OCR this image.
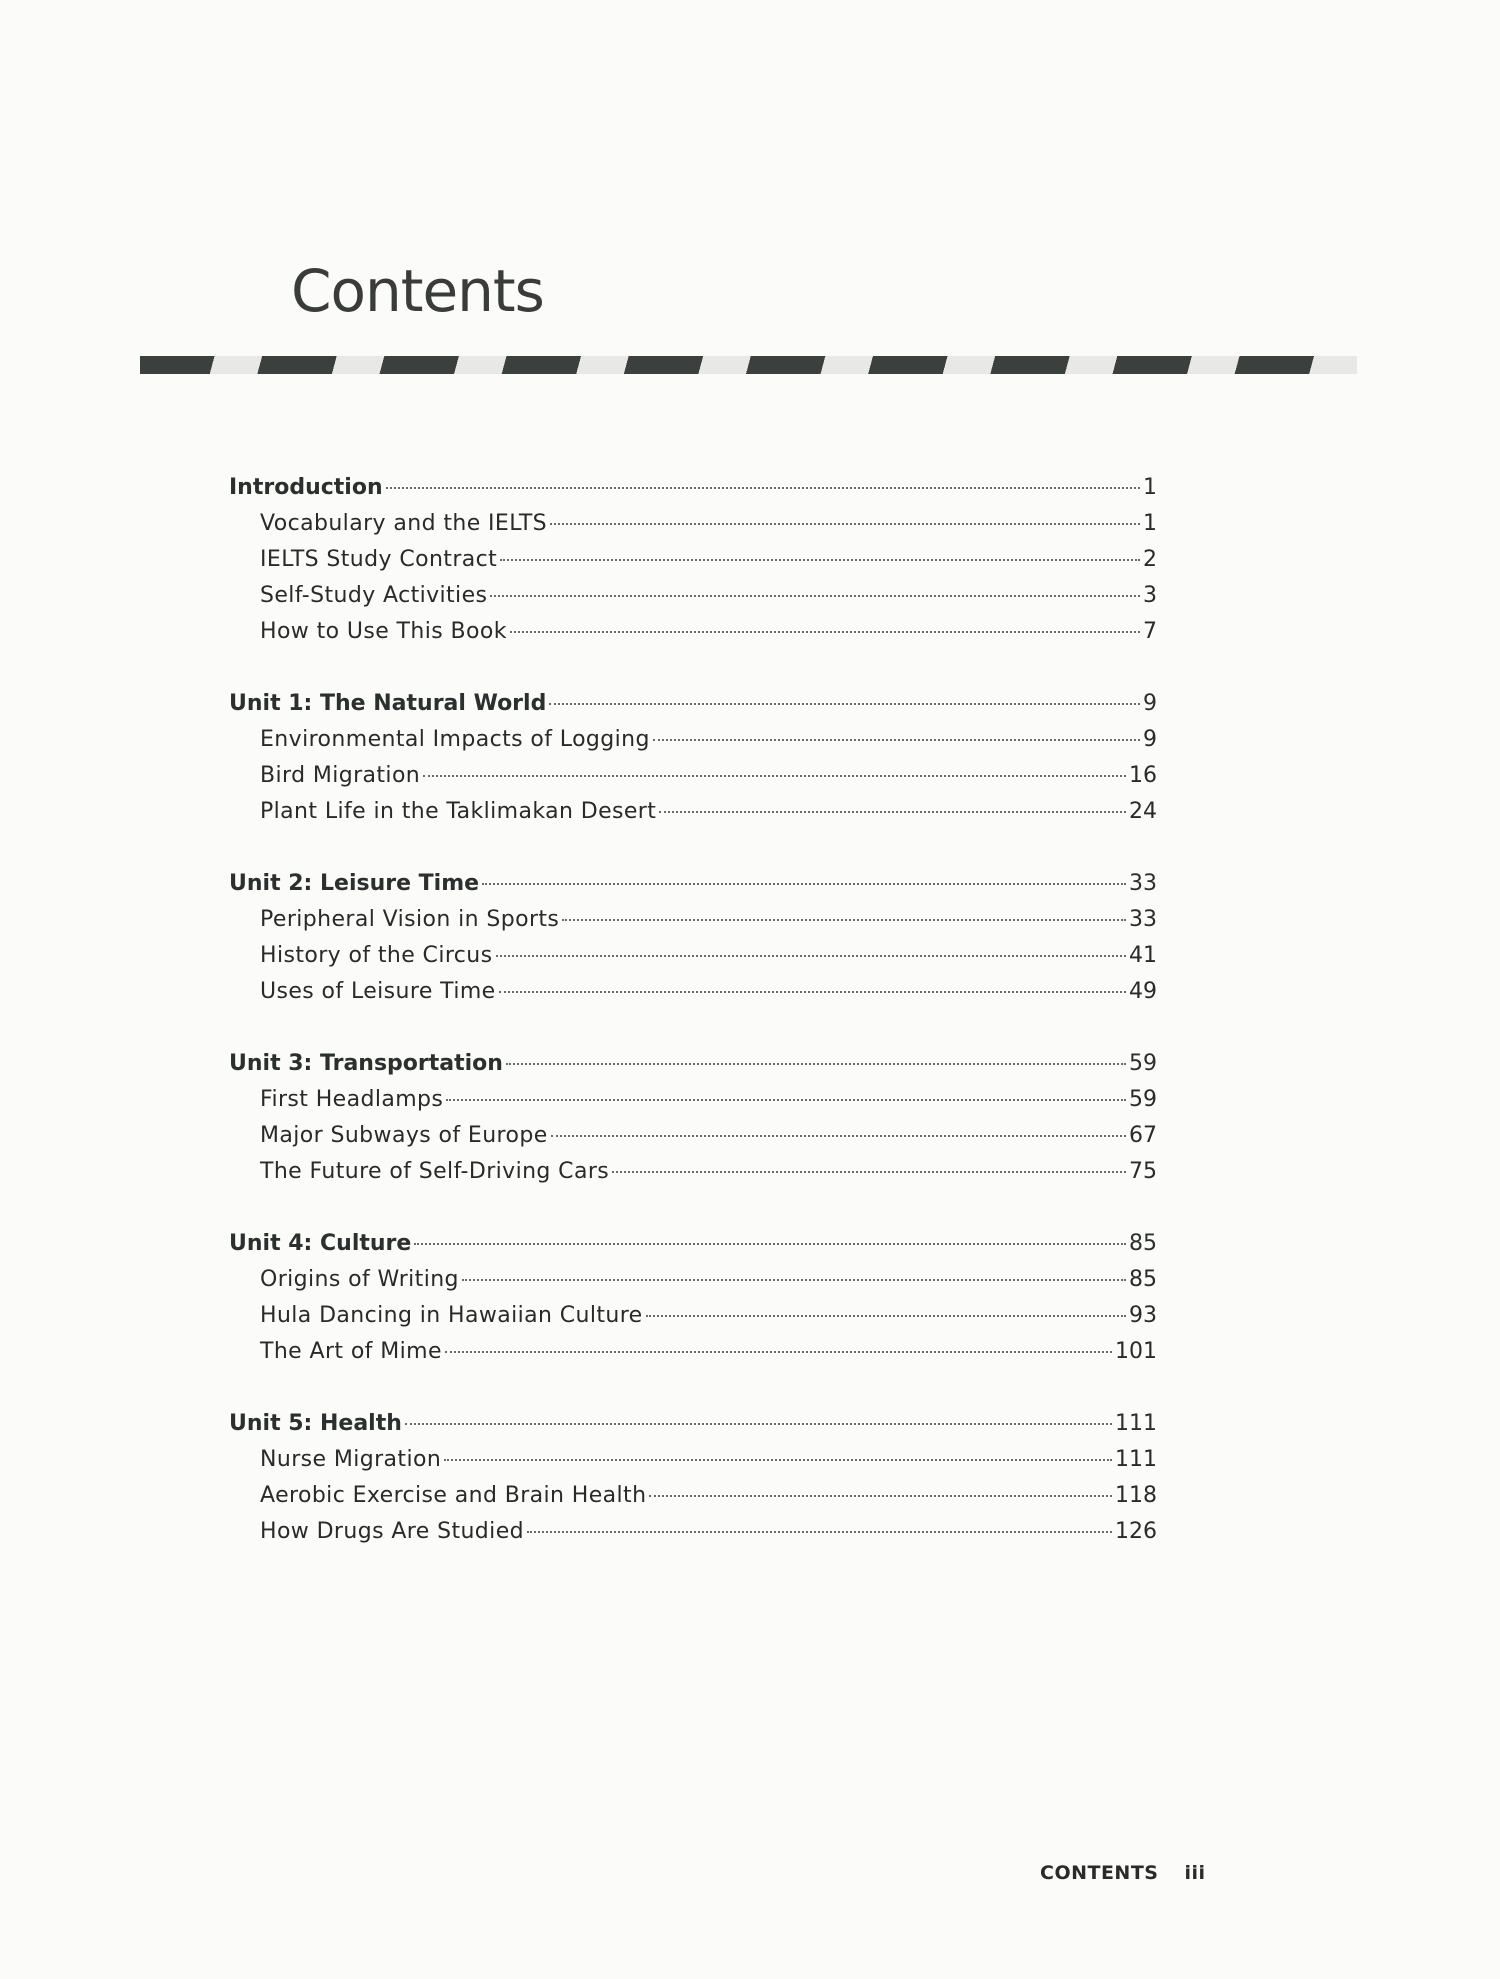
Contents
Introduction	1
Vocabulary and the IELTS	1
IELTS Study Contract	2
Self-Study Activities	3
How to Use This Book	7
Unit 1: The Natural World	9
Environmental Impacts of Logging	9
Bird Migration	16
Plant Life in the Taklimakan Desert	24
Unit 2: Leisure Time	33
Peripheral Vision in Sports	33
History of the Circus	41
Uses of Leisure Time	49
Unit 3: Transportation	59
First Headlamps	59
Major Subways of Europe	67
The Future of Self-Driving Cars	75
Unit 4: Culture	85
Origins of Writing	85
Hula Dancing in Hawaiian Culture	93
The Art of Mime	101
Unit 5: Health	111
Nurse Migration	111
Aerobic Exercise and Brain Health	118
How Drugs Are Studied	126
CONTENTS iii
